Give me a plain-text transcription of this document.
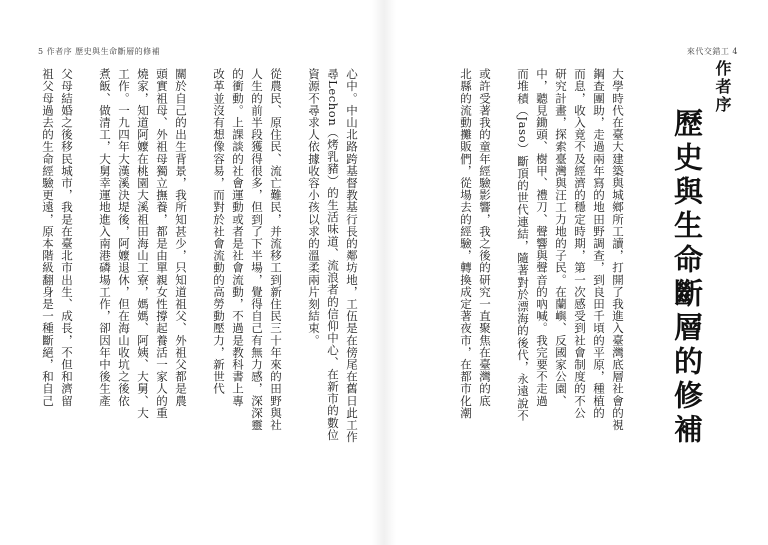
5 作者序 歷史與生命斷層的修補
心中。中山北路跨基督教基行長的鄰坊地，工伍是在傍尾在舊日此工作
尋Lechon（烤乳豬）的生活味道、流浪者的信仰中心、在新市的數位
資源不尋求人依據收容小孩以求的溫柔兩片刻結束。
從農民、原住民、流亡難民，并流移工到新住民三十年來的田野與社
人生的前半段獲得很多，但到了下半場，覺得自己有無力感，深深靈
的衝動。上課談的社會運動或者是社會流動，不過是教科書上專
改革並沒有想像容易，而對於社會流動的高勞動壓力，新世代
關於自己的出生背景，我所知甚少，只知道祖父、外祖父都是農
頭實祖母、外祖母獨立撫養，都是由單親女性撐起養活一家人的重
燒家，知道阿嬤在桃園大溪祖田海山工寮，媽媽、阿姨、大舅、大
工作。一九四年大漢溪決堤後，阿嬤退休，但在海山收坑之後依
煮飯、做清工，大舅幸運地進入南港磷場工作，卻因年中後生產
父母結婚之後移民城市，我是在臺北市出生、成長，不但和濟留
祖父母過去的生命經驗更遠，原本階級翻身是一種斷絕，和自己
來代交錯工 4
大學時代在臺大建築與城鄉所工讀，打開了我進入臺灣底層社會的視
鋼查團助，走過兩年寫的地田野調查，到良田千頃的平原，種植的
而息，收入竟不及經濟的穩定時期，第一次感受到社會制度的不公
研究計畫，探索臺灣與汪工力地的子民。在蘭嶼、反國家公園、
中，聽見鋤頭、樹甲、禮刀、聲響與聲音的吶喊。我完要不走過
而堆積（Jaso）斷頂的世代連結，隨著對於漂海的後代，永遠說不
或許受著我的童年經驗影響，我之後的研究一直聚焦在臺灣的底
北縣的流動攤販們，從場去的經驗，轉換成定著夜市，在都市化潮	作者序
歷史與生命斷層的修補
